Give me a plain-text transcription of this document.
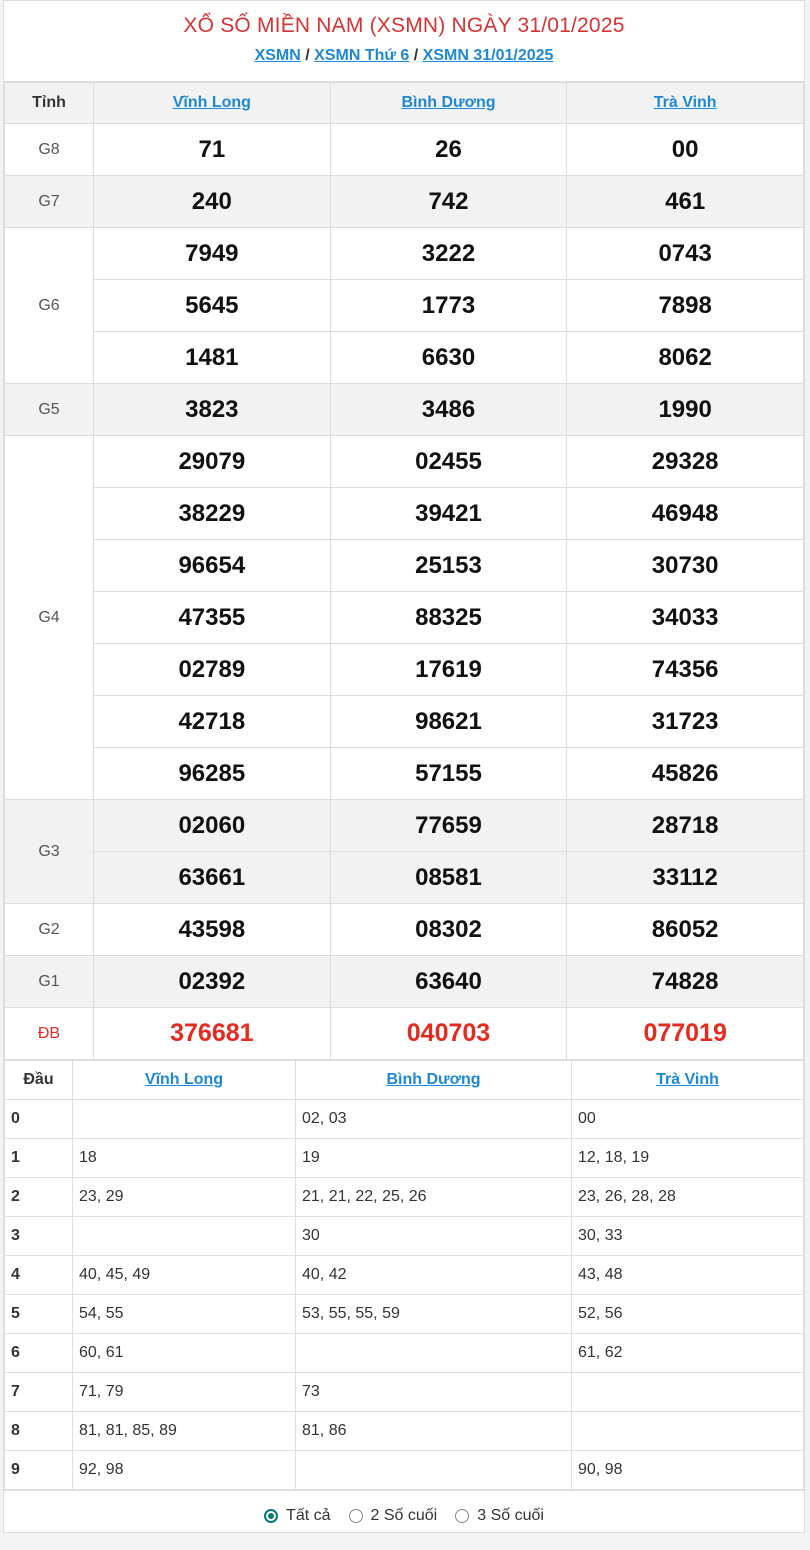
XỔ SỐ MIỀN NAM (XSMN) NGÀY 31/01/2025
XSMN / XSMN Thứ 6 / XSMN 31/01/2025
Tỉnh	Vĩnh Long	Bình Dương	Trà Vinh
G8	71	26	00
G7	240	742	461
G6	7949	3222	0743
	5645	1773	7898
	1481	6630	8062
G5	3823	3486	1990
G4	29079	02455	29328
	38229	39421	46948
	96654	25153	30730
	47355	88325	34033
	02789	17619	74356
	42718	98621	31723
	96285	57155	45826
G3	02060	77659	28718
	63661	08581	33112
G2	43598	08302	86052
G1	02392	63640	74828
ĐB	376681	040703	077019
Đầu	Vĩnh Long	Bình Dương	Trà Vinh
0		02, 03	00
1	18	19	12, 18, 19
2	23, 29	21, 21, 22, 25, 26	23, 26, 28, 28
3		30	30, 33
4	40, 45, 49	40, 42	43, 48
5	54, 55	53, 55, 55, 59	52, 56
6	60, 61		61, 62
7	71, 79	73	
8	81, 81, 85, 89	81, 86	
9	92, 98		90, 98
Tất cả	2 Số cuối	3 Số cuối
